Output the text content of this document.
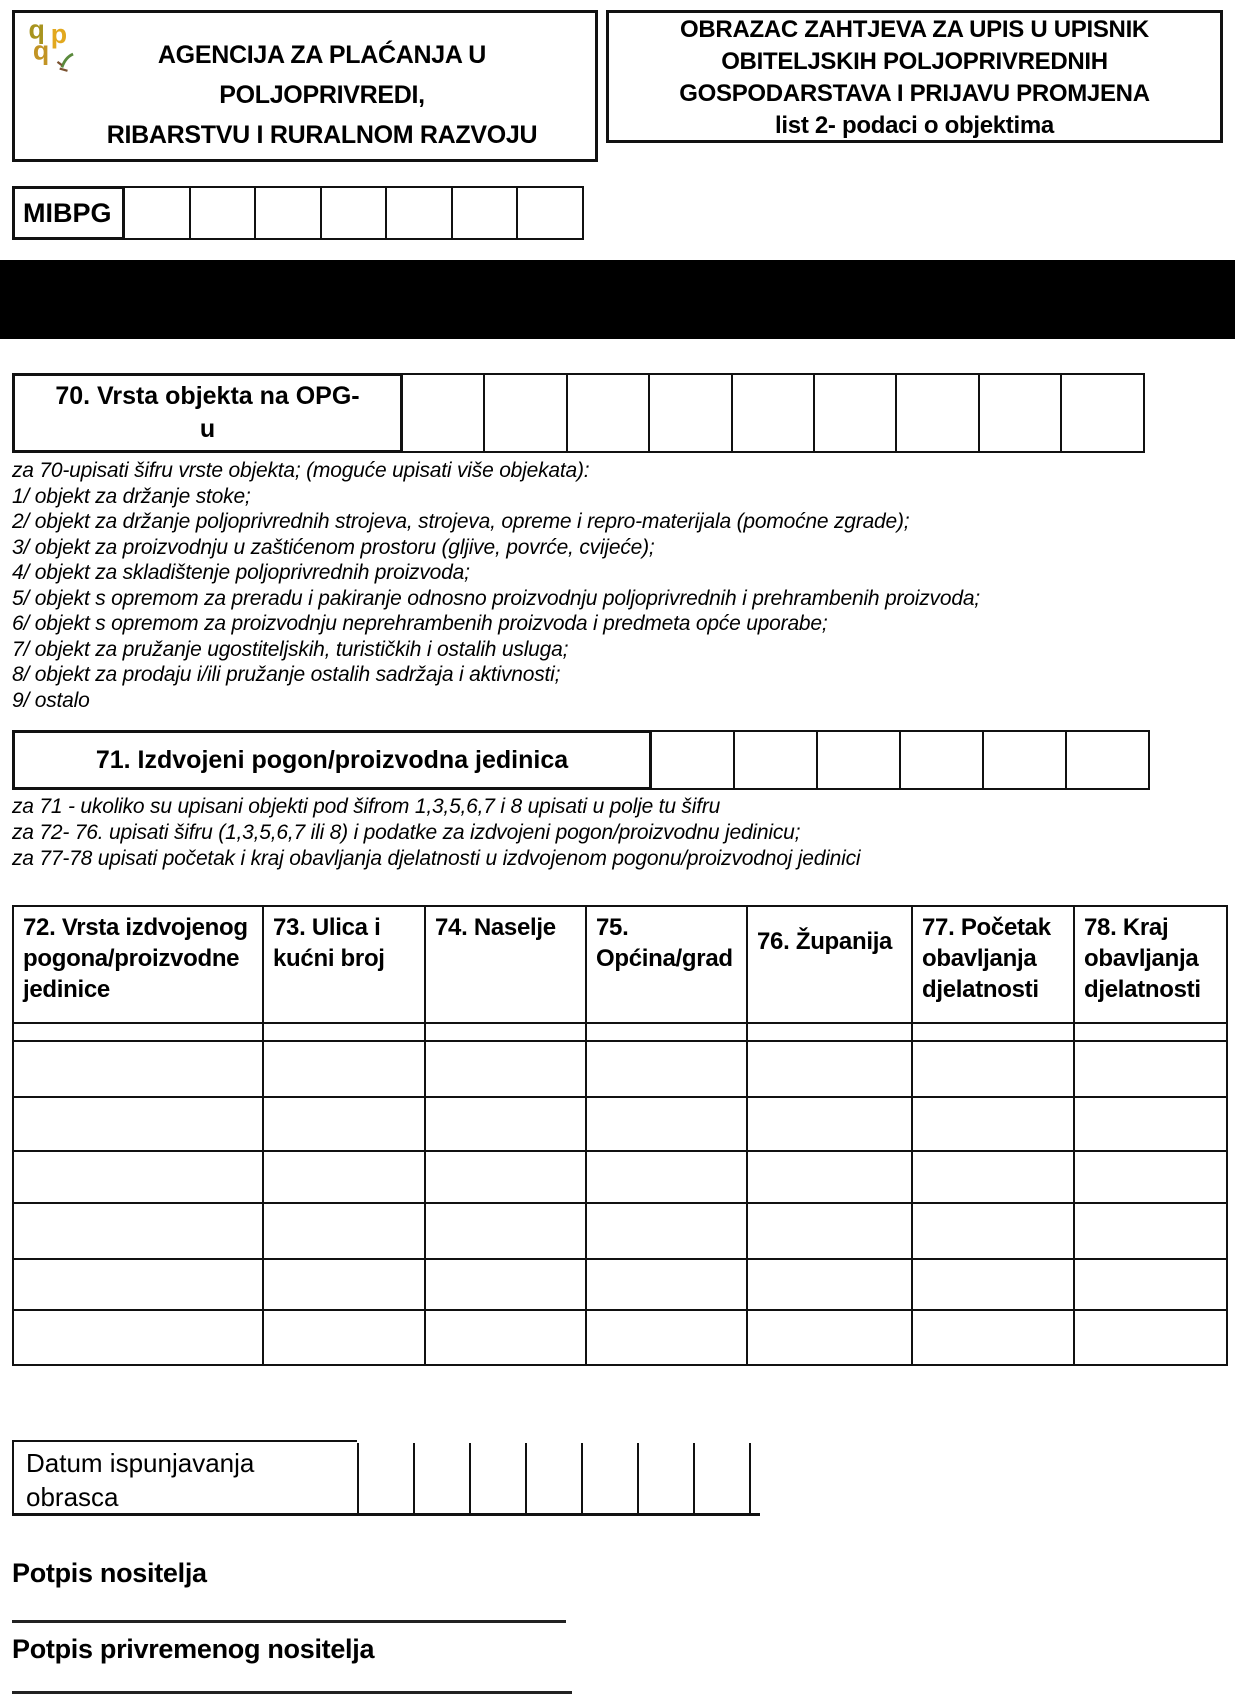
q p
q	AGENCIJA ZA PLAĆANJA U POLJOPRIVREDI,
RIBARSTVU I RURALNOM RAZVOJU
OBRAZAC ZAHTJEVA ZA UPIS U UPISNIK
OBITELJSKIH POLJOPRIVREDNIH
GOSPODARSTAVA I PRIJAVU PROMJENA
list 2- podaci o objektima
MIBPG
70. Vrsta objekta na OPG-
u
za 70-upisati šifru vrste objekta; (moguće upisati više objekata):
1/ objekt za držanje stoke;
2/ objekt za držanje poljoprivrednih strojeva, strojeva, opreme i repro-materijala (pomoćne zgrade);
3/ objekt za proizvodnju u zaštićenom prostoru (gljive, povrće, cvijeće);
4/ objekt za skladištenje poljoprivrednih proizvoda;
5/ objekt s opremom za preradu i pakiranje odnosno proizvodnju poljoprivrednih i prehrambenih proizvoda;
6/ objekt s opremom za proizvodnju neprehrambenih proizvoda i predmeta opće uporabe;
7/ objekt za pružanje ugostiteljskih, turističkih i ostalih usluga;
8/ objekt za prodaju i/ili pružanje ostalih sadržaja i aktivnosti;
9/ ostalo
71. Izdvojeni pogon/proizvodna jedinica
za 71 - ukoliko su upisani objekti pod šifrom 1,3,5,6,7 i 8 upisati u polje tu šifru
za 72- 76. upisati šifru (1,3,5,6,7 ili 8) i podatke za izdvojeni pogon/proizvodnu jedinicu;
za 77-78 upisati početak i kraj obavljanja djelatnosti u izdvojenom pogonu/proizvodnoj jedinici
72. Vrsta izdvojenog pogona/proizvodne jedinice	73. Ulica i kućni broj	74. Naselje	75. Općina/grad	76. Županija	77. Početak obavljanja djelatnosti	78. Kraj obavljanja djelatnosti

Datum ispunjavanja
obrasca
Potpis nositelja
Potpis privremenog nositelja
